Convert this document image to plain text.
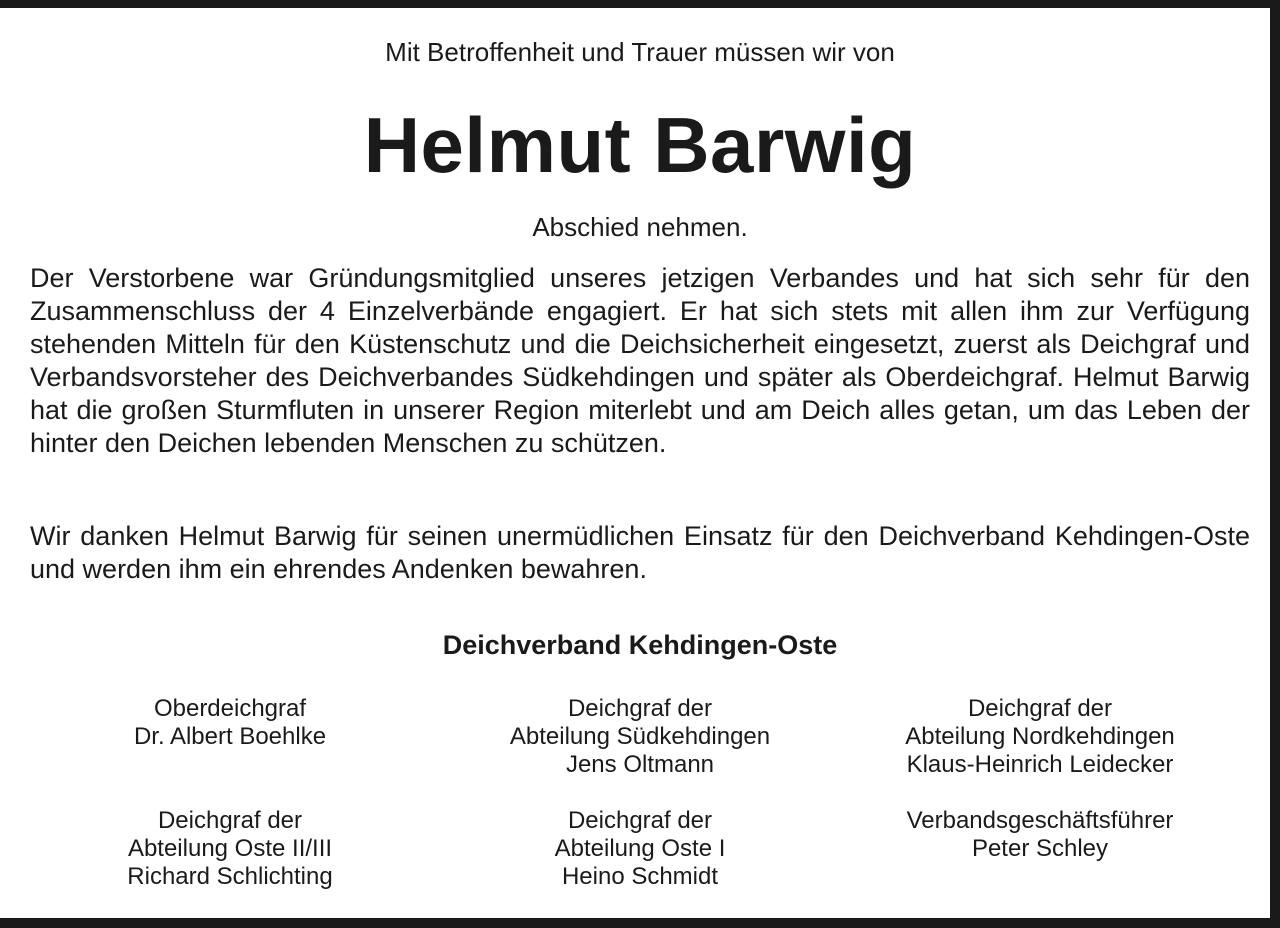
Mit Betroffenheit und Trauer müssen wir von
Helmut Barwig
Abschied nehmen.
Der Verstorbene war Gründungsmitglied unseres jetzigen Verbandes und hat sich sehr für den Zusammenschluss der 4 Einzelverbände engagiert. Er hat sich stets mit allen ihm zur Verfügung stehenden Mitteln für den Küstenschutz und die Deichsicherheit eingesetzt, zuerst als Deichgraf und Verbandsvorsteher des Deichverbandes Südkehdingen und später als Oberdeichgraf. Helmut Barwig hat die großen Sturmfluten in unserer Region miterlebt und am Deich alles getan, um das Leben der hinter den Deichen lebenden Menschen zu schützen.
Wir danken Helmut Barwig für seinen unermüdlichen Einsatz für den Deichverband Kehdingen-Oste und werden ihm ein ehrendes Andenken bewahren.
Deichverband Kehdingen-Oste
Oberdeichgraf
Dr. Albert Boehlke
Deichgraf der
Abteilung Südkehdingen
Jens Oltmann
Deichgraf der
Abteilung Nordkehdingen
Klaus-Heinrich Leidecker
Deichgraf der
Abteilung Oste II/III
Richard Schlichting
Deichgraf der
Abteilung Oste I
Heino Schmidt
Verbandsgeschäftsführer
Peter Schley
